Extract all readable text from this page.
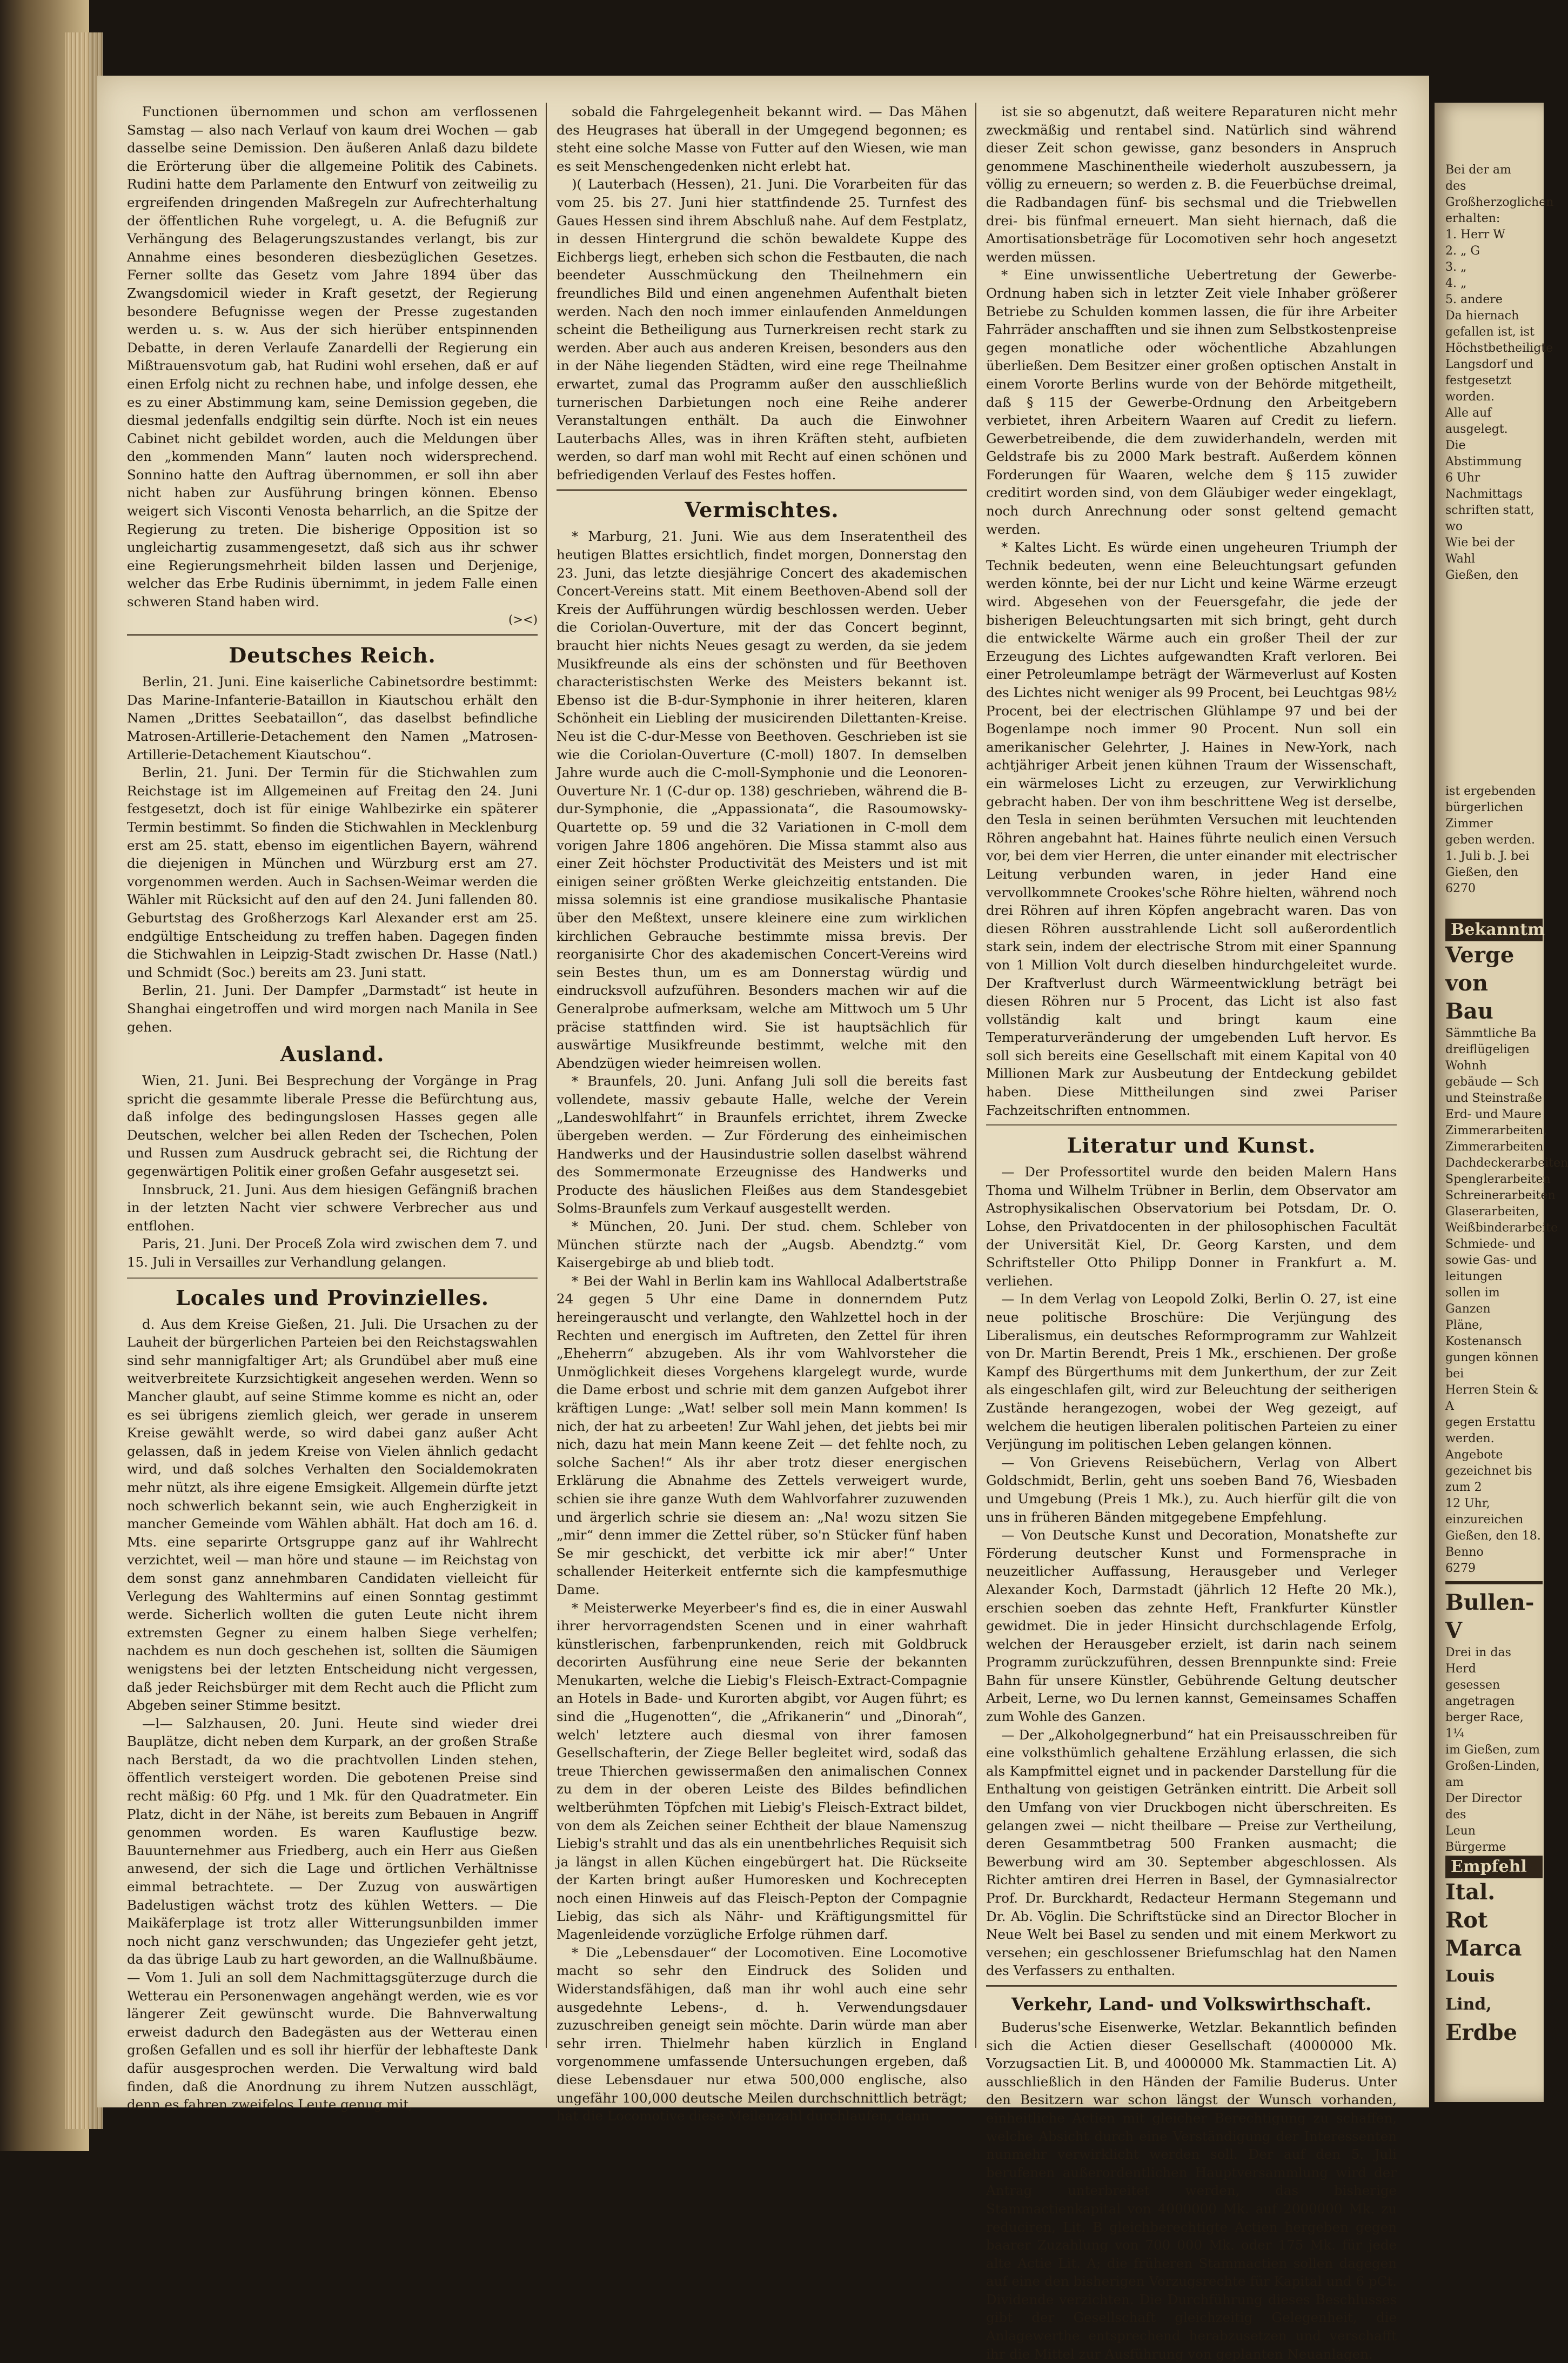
Functionen übernommen und schon am verflossenen Samstag — also nach Verlauf von kaum drei Wochen — gab dasselbe seine Demission. Den äußeren Anlaß dazu bildete die Erörterung über die allgemeine Politik des Cabinets. Rudini hatte dem Parlamente den Entwurf von zeitweilig zu ergreifenden dringenden Maßregeln zur Aufrechterhaltung der öffentlichen Ruhe vorgelegt, u. A. die Befugniß zur Verhängung des Belagerungszustandes verlangt, bis zur Annahme eines besonderen diesbezüglichen Gesetzes. Ferner sollte das Gesetz vom Jahre 1894 über das Zwangsdomicil wieder in Kraft gesetzt, der Regierung besondere Befugnisse wegen der Presse zugestanden werden u. s. w. Aus der sich hierüber entspinnenden Debatte, in deren Verlaufe Zanardelli der Regierung ein Mißtrauensvotum gab, hat Rudini wohl ersehen, daß er auf einen Erfolg nicht zu rechnen habe, und infolge dessen, ehe es zu einer Abstimmung kam, seine Demission gegeben, die diesmal jedenfalls endgiltig sein dürfte. Noch ist ein neues Cabinet nicht gebildet worden, auch die Meldungen über den „kommenden Mann“ lauten noch widersprechend. Sonnino hatte den Auftrag übernommen, er soll ihn aber nicht haben zur Ausführung bringen können. Ebenso weigert sich Visconti Venosta beharrlich, an die Spitze der Regierung zu treten. Die bisherige Opposition ist so ungleichartig zusammengesetzt, daß sich aus ihr schwer eine Regierungsmehrheit bilden lassen und Derjenige, welcher das Erbe Rudinis übernimmt, in jedem Falle einen schweren Stand haben wird.

(><)
Deutsches Reich.

Berlin, 21. Juni. Eine kaiserliche Cabinetsordre bestimmt: Das Marine-Infanterie-Bataillon in Kiautschou erhält den Namen „Drittes Seebataillon“, das daselbst befindliche Matrosen-Artillerie-Detachement den Namen „Matrosen-Artillerie-Detachement Kiautschou“.

Berlin, 21. Juni. Der Termin für die Stichwahlen zum Reichstage ist im Allgemeinen auf Freitag den 24. Juni festgesetzt, doch ist für einige Wahlbezirke ein späterer Termin bestimmt. So finden die Stichwahlen in Mecklenburg erst am 25. statt, ebenso im eigentlichen Bayern, während die diejenigen in München und Würzburg erst am 27. vorgenommen werden. Auch in Sachsen-Weimar werden die Wähler mit Rücksicht auf den auf den 24. Juni fallenden 80. Geburtstag des Großherzogs Karl Alexander erst am 25. endgültige Entscheidung zu treffen haben. Dagegen finden die Stichwahlen in Leipzig-Stadt zwischen Dr. Hasse (Natl.) und Schmidt (Soc.) bereits am 23. Juni statt.

Berlin, 21. Juni. Der Dampfer „Darmstadt“ ist heute in Shanghai eingetroffen und wird morgen nach Manila in See gehen.

Ausland.

Wien, 21. Juni. Bei Besprechung der Vorgänge in Prag spricht die gesammte liberale Presse die Befürchtung aus, daß infolge des bedingungslosen Hasses gegen alle Deutschen, welcher bei allen Reden der Tschechen, Polen und Russen zum Ausdruck gebracht sei, die Richtung der gegenwärtigen Politik einer großen Gefahr ausgesetzt sei.

Innsbruck, 21. Juni. Aus dem hiesigen Gefängniß brachen in der letzten Nacht vier schwere Verbrecher aus und entflohen.

Paris, 21. Juni. Der Proceß Zola wird zwischen dem 7. und 15. Juli in Versailles zur Verhandlung gelangen.

Locales und Provinzielles.

d. Aus dem Kreise Gießen, 21. Juli. Die Ursachen zu der Lauheit der bürgerlichen Parteien bei den Reichstagswahlen sind sehr mannigfaltiger Art; als Grundübel aber muß eine weitverbreitete Kurzsichtigkeit angesehen werden. Wenn so Mancher glaubt, auf seine Stimme komme es nicht an, oder es sei übrigens ziemlich gleich, wer gerade in unserem Kreise gewählt werde, so wird dabei ganz außer Acht gelassen, daß in jedem Kreise von Vielen ähnlich gedacht wird, und daß solches Verhalten den Socialdemokraten mehr nützt, als ihre eigene Emsigkeit. Allgemein dürfte jetzt noch schwerlich bekannt sein, wie auch Engherzigkeit in mancher Gemeinde vom Wählen abhält. Hat doch am 16. d. Mts. eine separirte Ortsgruppe ganz auf ihr Wahlrecht verzichtet, weil — man höre und staune — im Reichstag von dem sonst ganz annehmbaren Candidaten vielleicht für Verlegung des Wahltermins auf einen Sonntag gestimmt werde. Sicherlich wollten die guten Leute nicht ihrem extremsten Gegner zu einem halben Siege verhelfen; nachdem es nun doch geschehen ist, sollten die Säumigen wenigstens bei der letzten Entscheidung nicht vergessen, daß jeder Reichsbürger mit dem Recht auch die Pflicht zum Abgeben seiner Stimme besitzt.

—l— Salzhausen, 20. Juni. Heute sind wieder drei Bauplätze, dicht neben dem Kurpark, an der großen Straße nach Berstadt, da wo die prachtvollen Linden stehen, öffentlich versteigert worden. Die gebotenen Preise sind recht mäßig: 60 Pfg. und 1 Mk. für den Quadratmeter. Ein Platz, dicht in der Nähe, ist bereits zum Bebauen in Angriff genommen worden. Es waren Kauflustige bezw. Bauunternehmer aus Friedberg, auch ein Herr aus Gießen anwesend, der sich die Lage und örtlichen Verhältnisse eimmal betrachtete. — Der Zuzug von auswärtigen Badelustigen wächst trotz des kühlen Wetters. — Die Maikäferplage ist trotz aller Witterungsunbilden immer noch nicht ganz verschwunden; das Ungeziefer geht jetzt, da das übrige Laub zu hart geworden, an die Wallnußbäume. — Vom 1. Juli an soll dem Nachmittagsgüterzuge durch die Wetterau ein Personenwagen angehängt werden, wie es vor längerer Zeit gewünscht wurde. Die Bahnverwaltung erweist dadurch den Badegästen aus der Wetterau einen großen Gefallen und es soll ihr hierfür der lebhafteste Dank dafür ausgesprochen werden. Die Verwaltung wird bald finden, daß die Anordnung zu ihrem Nutzen ausschlägt, denn es fahren zweifelos Leute genug mit,

sobald die Fahrgelegenheit bekannt wird. — Das Mähen des Heugrases hat überall in der Umgegend begonnen; es steht eine solche Masse von Futter auf den Wiesen, wie man es seit Menschengedenken nicht erlebt hat.

)( Lauterbach (Hessen), 21. Juni. Die Vorarbeiten für das vom 25. bis 27. Juni hier stattfindende 25. Turnfest des Gaues Hessen sind ihrem Abschluß nahe. Auf dem Festplatz, in dessen Hintergrund die schön bewaldete Kuppe des Eichbergs liegt, erheben sich schon die Festbauten, die nach beendeter Ausschmückung den Theilnehmern ein freundliches Bild und einen angenehmen Aufenthalt bieten werden. Nach den noch immer einlaufenden Anmeldungen scheint die Betheiligung aus Turnerkreisen recht stark zu werden. Aber auch aus anderen Kreisen, besonders aus den in der Nähe liegenden Städten, wird eine rege Theilnahme erwartet, zumal das Programm außer den ausschließlich turnerischen Darbietungen noch eine Reihe anderer Veranstaltungen enthält. Da auch die Einwohner Lauterbachs Alles, was in ihren Kräften steht, aufbieten werden, so darf man wohl mit Recht auf einen schönen und befriedigenden Verlauf des Festes hoffen.

Vermischtes.

* Marburg, 21. Juni. Wie aus dem Inseratentheil des heutigen Blattes ersichtlich, findet morgen, Donnerstag den 23. Juni, das letzte diesjährige Concert des akademischen Concert-Vereins statt. Mit einem Beethoven-Abend soll der Kreis der Aufführungen würdig beschlossen werden. Ueber die Coriolan-Ouverture, mit der das Concert beginnt, braucht hier nichts Neues gesagt zu werden, da sie jedem Musikfreunde als eins der schönsten und für Beethoven characteristischsten Werke des Meisters bekannt ist. Ebenso ist die B-dur-Symphonie in ihrer heiteren, klaren Schönheit ein Liebling der musicirenden Dilettanten-Kreise. Neu ist die C-dur-Messe von Beethoven. Geschrieben ist sie wie die Coriolan-Ouverture (C-moll) 1807. In demselben Jahre wurde auch die C-moll-Symphonie und die Leonoren-Ouverture Nr. 1 (C-dur op. 138) geschrieben, während die B-dur-Symphonie, die „Appassionata“, die Rasoumowsky-Quartette op. 59 und die 32 Variationen in C-moll dem vorigen Jahre 1806 angehören. Die Missa stammt also aus einer Zeit höchster Productivität des Meisters und ist mit einigen seiner größten Werke gleichzeitig entstanden. Die missa solemnis ist eine grandiose musikalische Phantasie über den Meßtext, unsere kleinere eine zum wirklichen kirchlichen Gebrauche bestimmte missa brevis. Der reorganisirte Chor des akademischen Concert-Vereins wird sein Bestes thun, um es am Donnerstag würdig und eindrucksvoll aufzuführen. Besonders machen wir auf die Generalprobe aufmerksam, welche am Mittwoch um 5 Uhr präcise stattfinden wird. Sie ist hauptsächlich für auswärtige Musikfreunde bestimmt, welche mit den Abendzügen wieder heimreisen wollen.

* Braunfels, 20. Juni. Anfang Juli soll die bereits fast vollendete, massiv gebaute Halle, welche der Verein „Landeswohlfahrt“ in Braunfels errichtet, ihrem Zwecke übergeben werden. — Zur Förderung des einheimischen Handwerks und der Hausindustrie sollen daselbst während des Sommermonate Erzeugnisse des Handwerks und Producte des häuslichen Fleißes aus dem Standesgebiet Solms-Braunfels zum Verkauf ausgestellt werden.

* München, 20. Juni. Der stud. chem. Schleber von München stürzte nach der „Augsb. Abendztg.“ vom Kaisergebirge ab und blieb todt.

* Bei der Wahl in Berlin kam ins Wahllocal Adalbertstraße 24 gegen 5 Uhr eine Dame in donnerndem Putz hereingerauscht und verlangte, den Wahlzettel hoch in der Rechten und energisch im Auftreten, den Zettel für ihren „Eheherrn“ abzugeben. Als ihr vom Wahlvorsteher die Unmöglichkeit dieses Vorgehens klargelegt wurde, wurde die Dame erbost und schrie mit dem ganzen Aufgebot ihrer kräftigen Lunge: „Wat! selber soll mein Mann kommen! Is nich, der hat zu arbeeten! Zur Wahl jehen, det jiebts bei mir nich, dazu hat mein Mann keene Zeit — det fehlte noch, zu solche Sachen!“ Als ihr aber trotz dieser energischen Erklärung die Abnahme des Zettels verweigert wurde, schien sie ihre ganze Wuth dem Wahlvorfahrer zuzuwenden und ärgerlich schrie sie diesem an: „Na! wozu sitzen Sie „mir“ denn immer die Zettel rüber, so'n Stücker fünf haben Se mir geschickt, det verbitte ick mir aber!“ Unter schallender Heiterkeit entfernte sich die kampfesmuthige Dame.

* Meisterwerke Meyerbeer's find es, die in einer Auswahl ihrer hervorragendsten Scenen und in einer wahrhaft künstlerischen, farbenprunkenden, reich mit Goldbruck decorirten Ausführung eine neue Serie der bekannten Menukarten, welche die Liebig's Fleisch-Extract-Compagnie an Hotels in Bade- und Kurorten abgibt, vor Augen führt; es sind die „Hugenotten“, die „Afrikanerin“ und „Dinorah“, welch' letztere auch diesmal von ihrer famosen Gesellschafterin, der Ziege Beller begleitet wird, sodaß das treue Thierchen gewissermaßen den animalischen Connex zu dem in der oberen Leiste des Bildes befindlichen weltberühmten Töpfchen mit Liebig's Fleisch-Extract bildet, von dem als Zeichen seiner Echtheit der blaue Namenszug Liebig's strahlt und das als ein unentbehrliches Requisit sich ja längst in allen Küchen eingebürgert hat. Die Rückseite der Karten bringt außer Humoresken und Kochrecepten noch einen Hinweis auf das Fleisch-Pepton der Compagnie Liebig, das sich als Nähr- und Kräftigungsmittel für Magenleidende vorzügliche Erfolge rühmen darf.

* Die „Lebensdauer“ der Locomotiven. Eine Locomotive macht so sehr den Eindruck des Soliden und Widerstandsfähigen, daß man ihr wohl auch eine sehr ausgedehnte Lebens-, d. h. Verwendungsdauer zuzuschreiben geneigt sein möchte. Darin würde man aber sehr irren. Thielmehr haben kürzlich in England vorgenommene umfassende Untersuchungen ergeben, daß diese Lebensdauer nur etwa 500,000 englische, also ungefähr 100,000 deutsche Meilen durchschnittlich beträgt; hat die Locomotive diese Meilenzahl durchlaufen, dann

ist sie so abgenutzt, daß weitere Reparaturen nicht mehr zweckmäßig und rentabel sind. Natürlich sind während dieser Zeit schon gewisse, ganz besonders in Anspruch genommene Maschinentheile wiederholt auszubessern, ja völlig zu erneuern; so werden z. B. die Feuerbüchse dreimal, die Radbandagen fünf- bis sechsmal und die Triebwellen drei- bis fünfmal erneuert. Man sieht hiernach, daß die Amortisationsbeträge für Locomotiven sehr hoch angesetzt werden müssen.

* Eine unwissentliche Uebertretung der Gewerbe-Ordnung haben sich in letzter Zeit viele Inhaber größerer Betriebe zu Schulden kommen lassen, die für ihre Arbeiter Fahrräder anschafften und sie ihnen zum Selbstkostenpreise gegen monatliche oder wöchentliche Abzahlungen überließen. Dem Besitzer einer großen optischen Anstalt in einem Vororte Berlins wurde von der Behörde mitgetheilt, daß § 115 der Gewerbe-Ordnung den Arbeitgebern verbietet, ihren Arbeitern Waaren auf Credit zu liefern. Gewerbetreibende, die dem zuwiderhandeln, werden mit Geldstrafe bis zu 2000 Mark bestraft. Außerdem können Forderungen für Waaren, welche dem § 115 zuwider creditirt worden sind, von dem Gläubiger weder eingeklagt, noch durch Anrechnung oder sonst geltend gemacht werden.

* Kaltes Licht. Es würde einen ungeheuren Triumph der Technik bedeuten, wenn eine Beleuchtungsart gefunden werden könnte, bei der nur Licht und keine Wärme erzeugt wird. Abgesehen von der Feuersgefahr, die jede der bisherigen Beleuchtungsarten mit sich bringt, geht durch die entwickelte Wärme auch ein großer Theil der zur Erzeugung des Lichtes aufgewandten Kraft verloren. Bei einer Petroleumlampe beträgt der Wärmeverlust auf Kosten des Lichtes nicht weniger als 99 Procent, bei Leuchtgas 98½ Procent, bei der electrischen Glühlampe 97 und bei der Bogenlampe noch immer 90 Procent. Nun soll ein amerikanischer Gelehrter, J. Haines in New-York, nach achtjähriger Arbeit jenen kühnen Traum der Wissenschaft, ein wärmeloses Licht zu erzeugen, zur Verwirklichung gebracht haben. Der von ihm beschrittene Weg ist derselbe, den Tesla in seinen berühmten Versuchen mit leuchtenden Röhren angebahnt hat. Haines führte neulich einen Versuch vor, bei dem vier Herren, die unter einander mit electrischer Leitung verbunden waren, in jeder Hand eine vervollkommnete Crookes'sche Röhre hielten, während noch drei Röhren auf ihren Köpfen angebracht waren. Das von diesen Röhren ausstrahlende Licht soll außerordentlich stark sein, indem der electrische Strom mit einer Spannung von 1 Million Volt durch dieselben hindurchgeleitet wurde. Der Kraftverlust durch Wärmeentwicklung beträgt bei diesen Röhren nur 5 Procent, das Licht ist also fast vollständig kalt und bringt kaum eine Temperaturveränderung der umgebenden Luft hervor. Es soll sich bereits eine Gesellschaft mit einem Kapital von 40 Millionen Mark zur Ausbeutung der Entdeckung gebildet haben. Diese Mittheilungen sind zwei Pariser Fachzeitschriften entnommen.

Literatur und Kunst.

— Der Professortitel wurde den beiden Malern Hans Thoma und Wilhelm Trübner in Berlin, dem Observator am Astrophysikalischen Observatorium bei Potsdam, Dr. O. Lohse, den Privatdocenten in der philosophischen Facultät der Universität Kiel, Dr. Georg Karsten, und dem Schriftsteller Otto Philipp Donner in Frankfurt a. M. verliehen.

— In dem Verlag von Leopold Zolki, Berlin O. 27, ist eine neue politische Broschüre: Die Verjüngung des Liberalismus, ein deutsches Reformprogramm zur Wahlzeit von Dr. Martin Berendt, Preis 1 Mk., erschienen. Der große Kampf des Bürgerthums mit dem Junkerthum, der zur Zeit als eingeschlafen gilt, wird zur Beleuchtung der seitherigen Zustände herangezogen, wobei der Weg gezeigt, auf welchem die heutigen liberalen politischen Parteien zu einer Verjüngung im politischen Leben gelangen können.

— Von Grievens Reisebüchern, Verlag von Albert Goldschmidt, Berlin, geht uns soeben Band 76, Wiesbaden und Umgebung (Preis 1 Mk.), zu. Auch hierfür gilt die von uns in früheren Bänden mitgegebene Empfehlung.

— Von Deutsche Kunst und Decoration, Monatshefte zur Förderung deutscher Kunst und Formensprache in neuzeitlicher Auffassung, Herausgeber und Verleger Alexander Koch, Darmstadt (jährlich 12 Hefte 20 Mk.), erschien soeben das zehnte Heft, Frankfurter Künstler gewidmet. Die in jeder Hinsicht durchschlagende Erfolg, welchen der Herausgeber erzielt, ist darin nach seinem Programm zurückzuführen, dessen Brennpunkte sind: Freie Bahn für unsere Künstler, Gebührende Geltung deutscher Arbeit, Lerne, wo Du lernen kannst, Gemeinsames Schaffen zum Wohle des Ganzen.

— Der „Alkoholgegnerbund“ hat ein Preisausschreiben für eine volksthümlich gehaltene Erzählung erlassen, die sich als Kampfmittel eignet und in packender Darstellung für die Enthaltung von geistigen Getränken eintritt. Die Arbeit soll den Umfang von vier Druckbogen nicht überschreiten. Es gelangen zwei — nicht theilbare — Preise zur Vertheilung, deren Gesammtbetrag 500 Franken ausmacht; die Bewerbung wird am 30. September abgeschlossen. Als Richter amtiren drei Herren in Basel, der Gymnasialrector Prof. Dr. Burckhardt, Redacteur Hermann Stegemann und Dr. Ab. Vöglin. Die Schriftstücke sind an Director Blocher in Neue Welt bei Basel zu senden und mit einem Merkwort zu versehen; ein geschlossener Briefumschlag hat den Namen des Verfassers zu enthalten.

Verkehr, Land- und Volkswirthschaft.

Buderus'sche Eisenwerke, Wetzlar. Bekanntlich befinden sich die Actien dieser Gesellschaft (4000000 Mk. Vorzugsactien Lit. B, und 4000000 Mk. Stammactien Lit. A) ausschließlich in den Händen der Familie Buderus. Unter den Besitzern war schon längst der Wunsch vorhanden, einheitliche Actien mit gleicher Berechtigung zu schaffen, welche Absicht durch eine Verständigung der Interessenten nunmehr verwirklicht werden soll. Der auf den 5. Juli berufenen außerordentlichen Hauptversammlung wird der Antrag unterbreitet werden, das bisherige Stammactienkapital von 4000000 Mk. auf 2000000 Mk. zu reduciren, Lit. B gleichberechtigte Actien hergeben gegen baarer Zuzahlung von 700 000 Mk. oder 175 Mk. für jede alte Actie Lit. A; die früheren Stammactien sollen dagegen auf eine den bisherigen Vorzugsrechte für Kapital und 6 pCt. Dividende verzichten. Die Durchführung dieses Beschlusses gibt der Gesellschaft gleichzeitig Gelegenheit, die Anlagewerthe entsprechend herabzusetzen und verschafft ihr die Mittel zur Ausführung von geplanten Neuanlagen.

Bei der am
des Großherzoglichen
erhalten:
1. Herr W
2. „ G
3. „
4. „
5. andere
Da hiernach
gefallen ist, ist
Höchstbetheiligte
Langsdorf und
festgesetzt worden.
Alle auf
ausgelegt.
Die Abstimmung
6 Uhr Nachmittags
schriften statt, wo
Wie bei der Wahl
Gießen, den
ist ergebenden
bürgerlichen
Zimmer
geben werden.
1. Juli b. J. bei
Gießen, den
6270
Bekanntm
Verge
von Bau
Sämmtliche Ba
dreiflügeligen Wohnh
gebäude — Sch
und Steinstraße
Erd- und Maure
Zimmerarbeiten,
Zimmerarbeiten
Dachdeckerarbeiten
Spenglerarbeiten
Schreinerarbeiten
Glaserarbeiten,
Weißbinderarbeite
Schmiede- und
sowie Gas- und
leitungen
sollen im Ganzen
Pläne, Kostenansch
gungen können bei
Herren Stein & A
gegen Erstattu
werden. Angebote
gezeichnet bis zum 2
12 Uhr, einzureichen
Gießen, den 18.
Benno
6279
Bullen-V
Drei in das Herd
gesessen angetragen
berger Race, 1¼
im Gießen, zum
Großen-Linden, am
Der Director des
Leun
Bürgerme
Empfehl
Ital. Rot
Marca
Louis Lind,
Erdbe
